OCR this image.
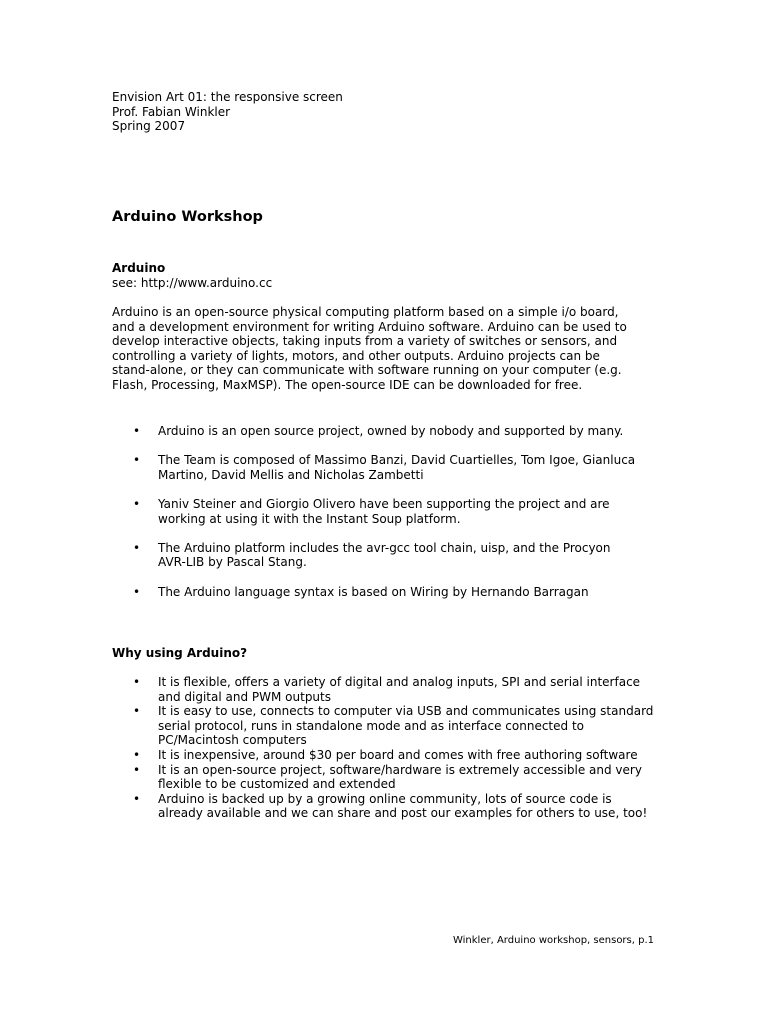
Envision Art 01: the responsive screen
Prof. Fabian Winkler
Spring 2007
Arduino Workshop
Arduino
see: http://www.arduino.cc
Arduino is an open-source physical computing platform based on a simple i/o board,
and a development environment for writing Arduino software. Arduino can be used to
develop interactive objects, taking inputs from a variety of switches or sensors, and
controlling a variety of lights, motors, and other outputs. Arduino projects can be
stand-alone, or they can communicate with software running on your computer (e.g.
Flash, Processing, MaxMSP). The open-source IDE can be downloaded for free.
• Arduino is an open source project, owned by nobody and supported by many.
• The Team is composed of Massimo Banzi, David Cuartielles, Tom Igoe, Gianluca
Martino, David Mellis and Nicholas Zambetti
• Yaniv Steiner and Giorgio Olivero have been supporting the project and are
working at using it with the Instant Soup platform.
• The Arduino platform includes the avr-gcc tool chain, uisp, and the Procyon
AVR-LIB by Pascal Stang.
• The Arduino language syntax is based on Wiring by Hernando Barragan
Why using Arduino?
• It is flexible, offers a variety of digital and analog inputs, SPI and serial interface
and digital and PWM outputs
• It is easy to use, connects to computer via USB and communicates using standard
serial protocol, runs in standalone mode and as interface connected to
PC/Macintosh computers
• It is inexpensive, around $30 per board and comes with free authoring software
• It is an open-source project, software/hardware is extremely accessible and very
flexible to be customized and extended
• Arduino is backed up by a growing online community, lots of source code is
already available and we can share and post our examples for others to use, too!
Winkler, Arduino workshop, sensors, p.1
